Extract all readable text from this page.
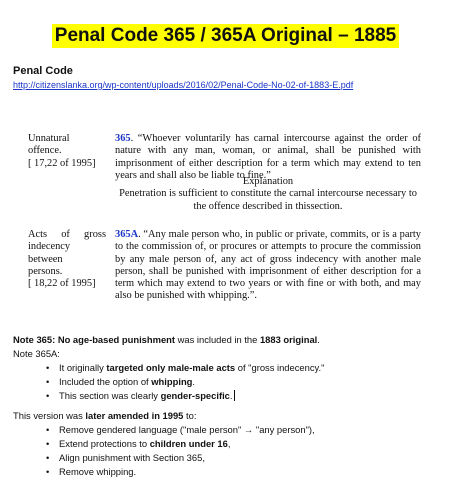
Penal Code 365 / 365A Original – 1885
Penal Code
http://citizenslanka.org/wp-content/uploads/2016/02/Penal-Code-No-02-of-1883-E.pdf
Unnatural
offence.
[ 17,22 of 1995]
365. “Whoever voluntarily has carnal intercourse against the order of nature with any man, woman, or animal, shall be punished with imprisonment of either description for a term which may extend to ten years and shall also be liable to fine.”
Explanation
Penetration is sufficient to constitute the carnal intercourse necessary to the offence described in thissection.
Acts of gross
indecency
between
persons.
[ 18,22 of 1995]
365A. “Any male person who, in public or private, commits, or is a party to the commission of, or procures or attempts to procure the commission by any male person of, any act of gross indecency with another male person, shall be punished with imprisonment of either description for a term which may extend to two years or with fine or with both, and may also be punished with whipping.”.
Note 365: No age-based punishment was included in the 1883 original.
Note 365A:
• It originally targeted only male-male acts of "gross indecency."
• Included the option of whipping.
• This section was clearly gender-specific.
This version was later amended in 1995 to:
• Remove gendered language ("male person" → "any person"),
• Extend protections to children under 16,
• Align punishment with Section 365,
• Remove whipping.
